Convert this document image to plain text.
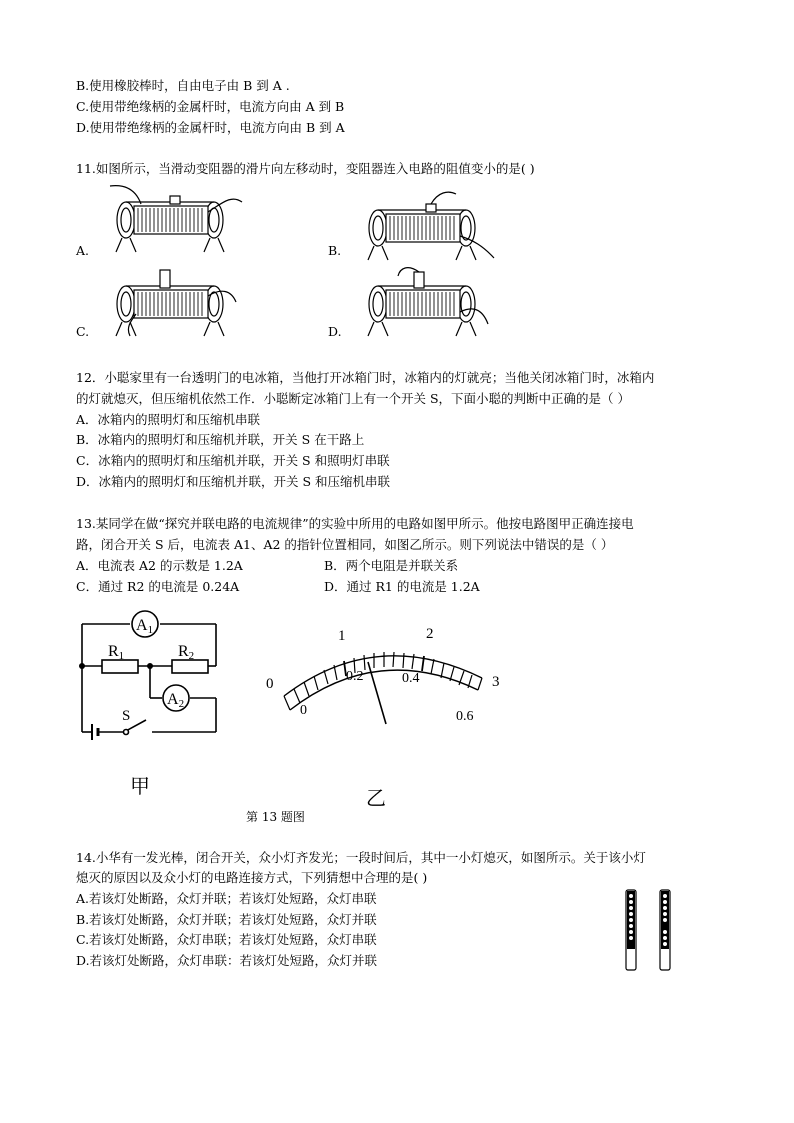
B.使用橡胶棒时，自由电子由 B 到 A .
C.使用带绝缘柄的金属杆时，电流方向由 A 到 B
D.使用带绝缘柄的金属杆时，电流方向由 B 到 A
11.如图所示，当滑动变阻器的滑片向左移动时，变阻器连入电路的阻值变小的是( )
A.	B.
C.	D.
12．小聪家里有一台透明门的电冰箱，当他打开冰箱门时，冰箱内的灯就亮；当他关闭冰箱门时，冰箱内
的灯就熄灭，但压缩机依然工作．小聪断定冰箱门上有一个开关 S，下面小聪的判断中正确的是（ ）
A．冰箱内的照明灯和压缩机串联
B．冰箱内的照明灯和压缩机并联，开关 S 在干路上
C．冰箱内的照明灯和压缩机并联，开关 S 和照明灯串联
D．冰箱内的照明灯和压缩机并联，开关 S 和压缩机串联
13.某同学在做“探究并联电路的电流规律”的实验中所用的电路如图甲所示。他按电路图甲正确连接电
路，闭合开关 S 后，电流表 A1、A2 的指针位置相同，如图乙所示。则下列说法中错误的是（ ）
A．电流表 A2 的示数是 1.2A	B．两个电阻是并联关系
C．通过 R2 的电流是 0.24A	D．通过 R1 的电流是 1.2A
A1
A2
R1	R2
S
甲
0
1	2
3
0
0.2	0.4
0.6
乙
第 13 题图
14.小华有一发光棒，闭合开关，众小灯齐发光；一段时间后，其中一小灯熄灭，如图所示。关于该小灯
熄灭的原因以及众小灯的电路连接方式，下列猜想中合理的是( )
A.若该灯处断路，众灯并联；若该灯处短路，众灯串联
B.若该灯处断路，众灯并联；若该灯处短路，众灯并联
C.若该灯处断路，众灯串联；若该灯处短路，众灯串联
D.若该灯处断路，众灯串联：若该灯处短路，众灯并联
